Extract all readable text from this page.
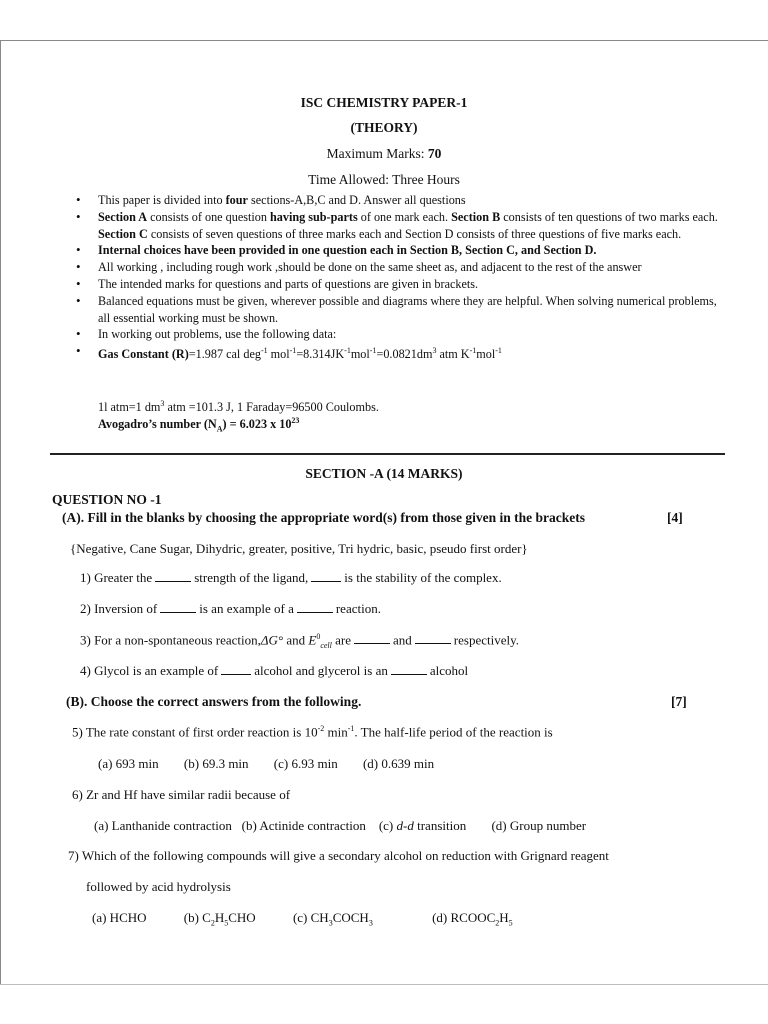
ISC CHEMISTRY PAPER-1
(THEORY)
Maximum Marks: 70
Time Allowed: Three Hours
• This paper is divided into four sections-A,B,C and D. Answer all questions
• Section A consists of one question having sub-parts of one mark each. Section B consists of ten questions of two marks each. Section C consists of seven questions of three marks each and Section D consists of three questions of five marks each.
• Internal choices have been provided in one question each in Section B, Section C, and Section D.
• All working , including rough work ,should be done on the same sheet as, and adjacent to the rest of the answer
• The intended marks for questions and parts of questions are given in brackets.
• Balanced equations must be given, wherever possible and diagrams where they are helpful. When solving numerical problems, all essential working must be shown.
• In working out problems, use the following data:
• Gas Constant (R)=1.987 cal deg$^{-1}$ $mol^{-1}=8.314JK^{-1}mol^{-1}=0.0821dm^3$ atm $K^{-1}mol^{-1}$
1l atm=1 $dm^3$ atm =101.3 J, 1 Faraday=96500 Coulombs.
Avogadro’s number $(N_A) = 6.023$ x $10^{23}$
SECTION -A (14 MARKS)
QUESTION NO -1
(A). Fill in the blanks by choosing the appropriate word(s) from those given in the brackets	[4]
{Negative, Cane Sugar, Dihydric, greater, positive, Tri hydric, basic, pseudo first order}
1) Greater the	strength of the ligand,	is the stability of the complex.
2) Inversion of	is an example of a	reaction.
3) For a non-spontaneous reaction,ΔG° and $E^0_{cell}$ are	and	respectively.
4) Glycol is an example of	alcohol and glycerol is an	alcohol
(B). Choose the correct answers from the following.	[7]
5) The rate constant of first order reaction is $10^{-2}$ $\min^{-1}$. The half-life period of the reaction is
(a) 693 min (b) 69.3 min (c) 6.93 min (d) 0.639 min
6) Zr and Hf have similar radii because of
(a) Lanthanide contraction (b) Actinide contraction (c) d-d transition (d) Group number
7) Which of the following compounds will give a secondary alcohol on reduction with Grignard reagent
followed by acid hydrolysis
(a) HCHO	(b) $C_2H_5CHO$	(c) $CH_3COCH_3$	(d) $RCOOC_2H_5$
